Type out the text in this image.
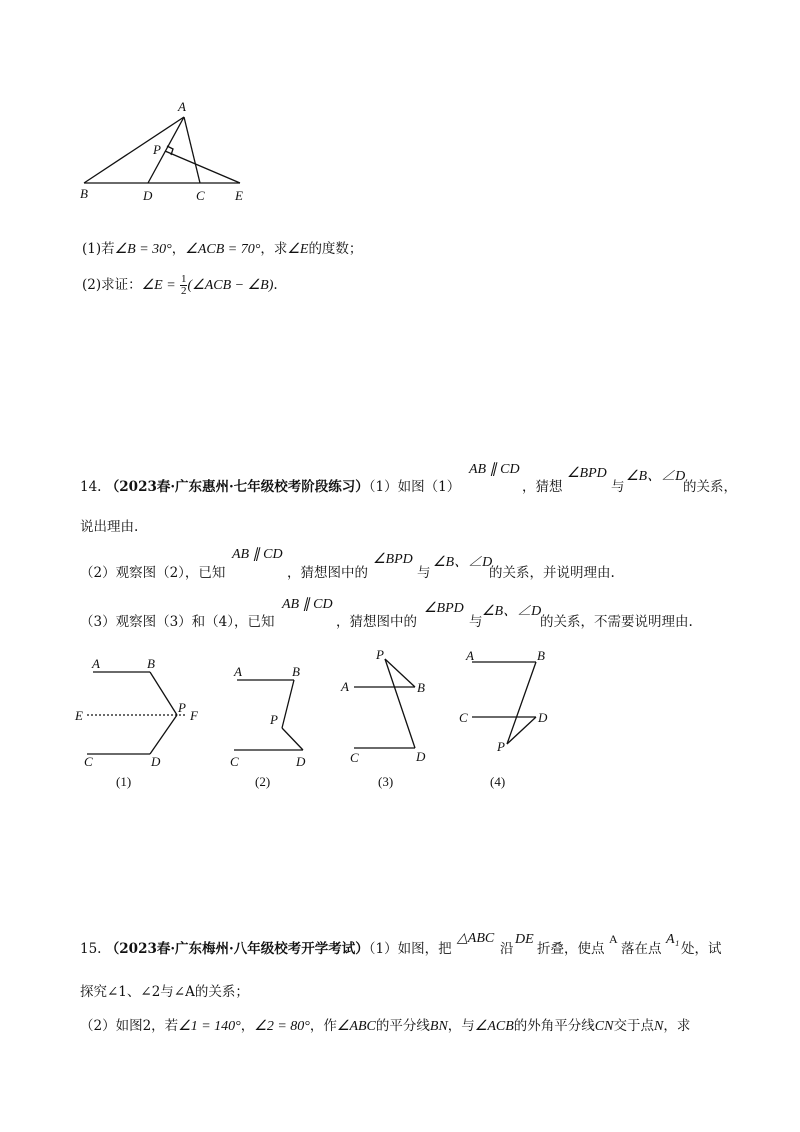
A
P
B	D	C E
(1)若∠B = 30°，∠ACB = 70°，求∠E的度数；
(2)求证：∠E = $\frac{1}{2}$ (∠ACB − ∠B).
14. （2023春·广东惠州·七年级校考阶段练习）（1）如图（1）
AB ∥ CD
，猜想
∠BPD
与
∠B、∠D
的关系，
说出理由.
（2）观察图（2），已知
AB ∥ CD
，猜想图中的
∠BPD
与
∠B、∠D
的关系，并说明理由.
（3）观察图（3）和（4），已知
AB ∥ CD
，猜想图中的
∠BPD
与
∠B、∠D
的关系，不需要说明理由.
A	B
E
P
F
C	D
(1)
A	B
P
C	D
(2)
P
A	B
C	D
(3)
A	B
C	D
P
(4)
15. （2023春·广东梅州·八年级校考开学考试）（1）如图，把
△ABC
沿
DE
折叠，使点
A
落在点
A₁
处，试
探究∠1、∠2与∠A的关系；
（2）如图2，若∠1 = 140°，∠2 = 80°，作∠ABC的平分线BN，与∠ACB的外角平分线CN交于点N，求
